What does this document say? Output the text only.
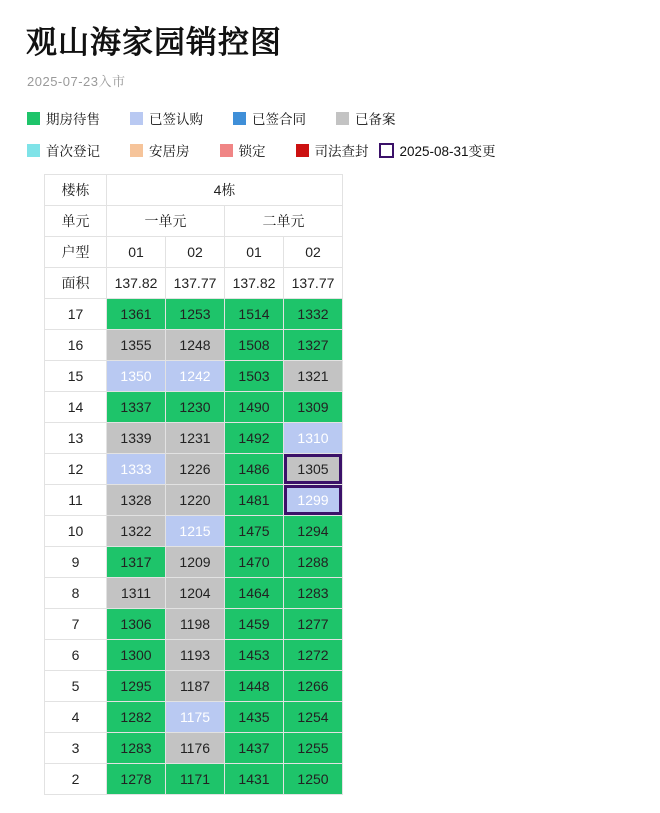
观山海家园销控图
2025-07-23入市
期房待售	已签认购	已签合同	已备案
首次登记	安居房	锁定	司法查封 2025-08-31变更
楼栋	4栋			
单元	一单元		二单元	
户型	01	02	01	02
面积	137.82	137.77	137.82	137.77
17	1361	1253	1514	1332

16	1355	1248	1508	1327

15	1350	1242	1503	1321

14	1337	1230	1490	1309

13	1339	1231	1492	1310

12	1333	1226	1486	1305

11	1328	1220	1481	1299

10	1322	1215	1475	1294

9	1317	1209	1470	1288

8	1311	1204	1464	1283

7	1306	1198	1459	1277

6	1300	1193	1453	1272

5	1295	1187	1448	1266

4	1282	1175	1435	1254

3	1283	1176	1437	1255

2	1278	1171	1431	1250
